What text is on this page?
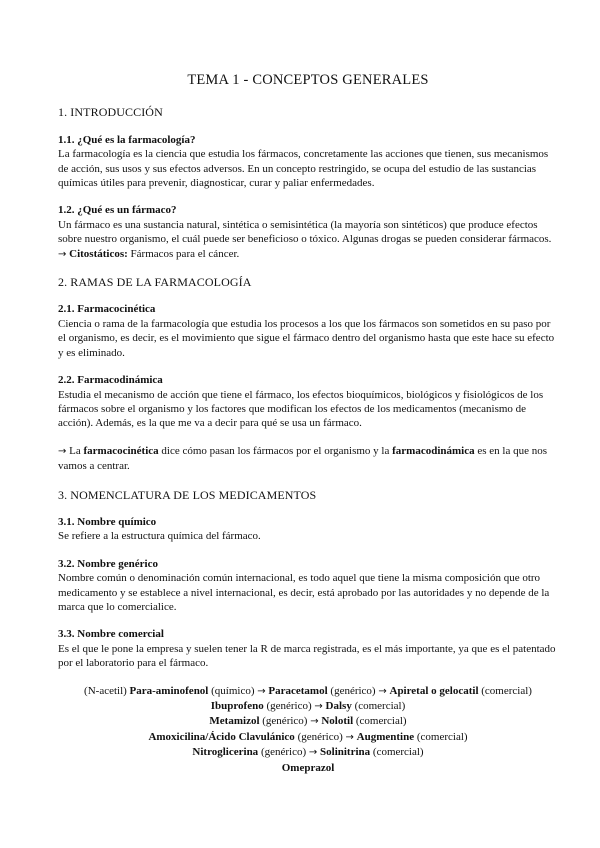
TEMA 1 - CONCEPTOS GENERALES
1. INTRODUCCIÓN
1.1. ¿Qué es la farmacología?

La farmacología es la ciencia que estudia los fármacos, concretamente las acciones que tienen, sus mecanismos de acción, sus usos y sus efectos adversos. En un concepto restringido, se ocupa del estudio de las sustancias químicas útiles para prevenir, diagnosticar, curar y paliar enfermedades.

1.2. ¿Qué es un fármaco?

Un fármaco es una sustancia natural, sintética o semisintética (la mayoría son sintéticos) que produce efectos sobre nuestro organismo, el cuál puede ser beneficioso o tóxico. Algunas drogas se pueden considerar fármacos.

→ Citostáticos: Fármacos para el cáncer.

2. RAMAS DE LA FARMACOLOGÍA
2.1. Farmacocinética

Ciencia o rama de la farmacología que estudia los procesos a los que los fármacos son sometidos en su paso por el organismo, es decir, es el movimiento que sigue el fármaco dentro del organismo hasta que este hace su efecto y es eliminado.

2.2. Farmacodinámica

Estudia el mecanismo de acción que tiene el fármaco, los efectos bioquímicos, biológicos y fisiológicos de los fármacos sobre el organismo y los factores que modifican los efectos de los medicamentos (mecanismo de acción). Además, es la que me va a decir para qué se usa un fármaco.

→ La farmacocinética dice cómo pasan los fármacos por el organismo y la farmacodinámica es en la que nos vamos a centrar.

3. NOMENCLATURA DE LOS MEDICAMENTOS
3.1. Nombre químico

Se refiere a la estructura química del fármaco.

3.2. Nombre genérico

Nombre común o denominación común internacional, es todo aquel que tiene la misma composición que otro medicamento y se establece a nivel internacional, es decir, está aprobado por las autoridades y no depende de la marca que lo comercialice.

3.3. Nombre comercial

Es el que le pone la empresa y suelen tener la R de marca registrada, es el más importante, ya que es el patentado por el laboratorio para el fármaco.

(N-acetil) Para-aminofenol (químico) → Paracetamol (genérico) → Apiretal o gelocatil (comercial)

Ibuprofeno (genérico) → Dalsy (comercial)

Metamizol (genérico) → Nolotil (comercial)

Amoxicilina/Ácido Clavulánico (genérico) → Augmentine (comercial)

Nitroglicerina (genérico) → Solinitrina (comercial)

Omeprazol
